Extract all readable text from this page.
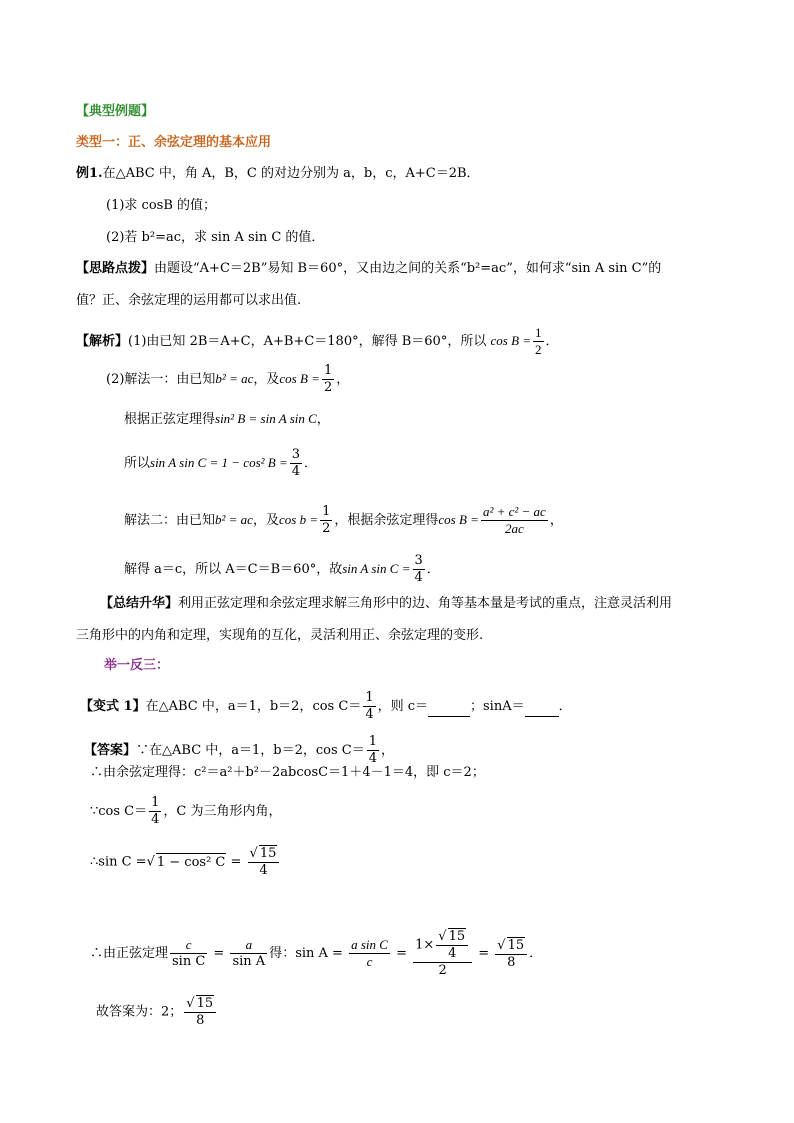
【典型例题】
类型一：正、余弦定理的基本应用
例1.在△ABC 中，角 A，B，C 的对边分别为 a，b，c，A+C＝2B．
(1)求 cosB 的值；
(2)若 b²=ac，求 sin A sin C 的值．
【思路点拨】由题设“A+C＝2B”易知 B＝60°，又由边之间的关系“b²=ac”，如何求“sin A sin C”的
值？正、余弦定理的运用都可以求出值.
【解析】(1)由已知 2B＝A+C，A+B+C＝180°，解得 B＝60°，所以 $\cos B = \frac{1}{2}$ ．
(2)解法一：由已知b² = ac，及$\cos B = \frac{1}{2}$ ，
根据正弦定理得sin² B = sin A sin C，
所以sin A sin C = 1 − cos² $B = \frac{3}{4}$ ．
解法二：由已知b² = ac，及$\cos b = \frac{1}{2}$ ，根据余弦定理得$\cos B = \frac{\text{a² + c² − ac}}{2ac}$ ，
解得 a＝c，所以 A＝C＝B＝60°，故sin A $\sin C = \frac{3}{4}$ ．
【总结升华】利用正弦定理和余弦定理求解三角形中的边、角等基本量是考试的重点，注意灵活利用
三角形中的内角和定理，实现角的互化，灵活利用正、余弦定理的变形.
举一反三：
【变式 1】在△ABC 中，a＝1，b＝2，$\cos C= \frac{1}{4}$ ，则 c＝	；sinA＝	．
【答案】∵在△ABC 中，a＝1，b＝2，$\cos C= \frac{1}{4}$ ，
∴由余弦定理得：c²＝a²＋b²－2abcosC＝1＋4－1＝4，即 c＝2；
∵cos $C= \frac{1}{4}$ ，C 为三角形内角，
∴sin C =√ 1 − cos² $C = \frac{√ 15}{4}$
∴由正弦定理 $\frac{c}{\text{sin C}} = \frac{a}{\text{sin A}}$ 得：$\sin A = \frac{\text{a sin C}}{c} = \frac{1\times \frac{√ 15}{4}}{2} = \frac{√ 15}{8}$ ．
故答案为：2； $\frac{√ 15}{8}$
